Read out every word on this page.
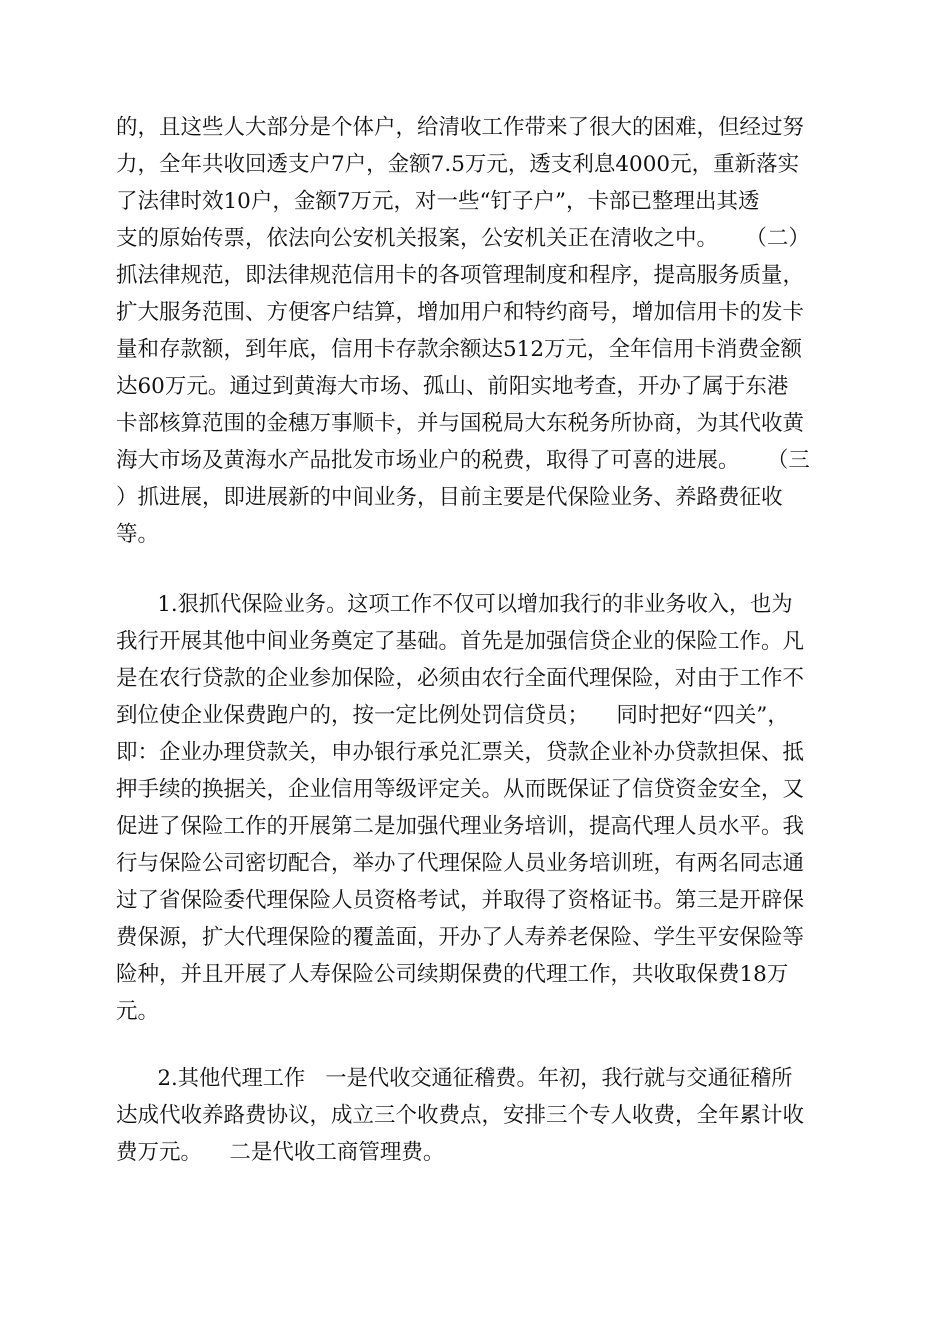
的，且这些人大部分是个体户，给清收工作带来了很大的困难，但经过努
力，全年共收回透支户7户，金额7.5万元，透支利息4000元，重新落实
了法律时效10户，金额7万元，对一些“钉子户”，卡部已整理出其透
支的原始传票，依法向公安机关报案，公安机关正在清收之中。    （二）
抓法律规范，即法律规范信用卡的各项管理制度和程序，提高服务质量，
扩大服务范围、方便客户结算，增加用户和特约商号，增加信用卡的发卡
量和存款额，到年底，信用卡存款余额达512万元，全年信用卡消费金额
达60万元。通过到黄海大市场、孤山、前阳实地考查，开办了属于东港
卡部核算范围的金穗万事顺卡，并与国税局大东税务所协商，为其代收黄
海大市场及黄海水产品批发市场业户的税费，取得了可喜的进展。    （三
）抓进展，即进展新的中间业务，目前主要是代保险业务、养路费征收
等。
1.狠抓代保险业务。这项工作不仅可以增加我行的非业务收入，也为
我行开展其他中间业务奠定了基础。首先是加强信贷企业的保险工作。凡
是在农行贷款的企业参加保险，必须由农行全面代理保险，对由于工作不
到位使企业保费跑户的，按一定比例处罚信贷员；    同时把好“四关”，
即：企业办理贷款关，申办银行承兑汇票关，贷款企业补办贷款担保、抵
押手续的换据关，企业信用等级评定关。从而既保证了信贷资金安全，又
促进了保险工作的开展第二是加强代理业务培训，提高代理人员水平。我
行与保险公司密切配合，举办了代理保险人员业务培训班，有两名同志通
过了省保险委代理保险人员资格考试，并取得了资格证书。第三是开辟保
费保源，扩大代理保险的覆盖面，开办了人寿养老保险、学生平安保险等
险种，并且开展了人寿保险公司续期保费的代理工作，共收取保费18万
元。
2.其他代理工作   一是代收交通征稽费。年初，我行就与交通征稽所
达成代收养路费协议，成立三个收费点，安排三个专人收费，全年累计收
费万元。    二是代收工商管理费。
